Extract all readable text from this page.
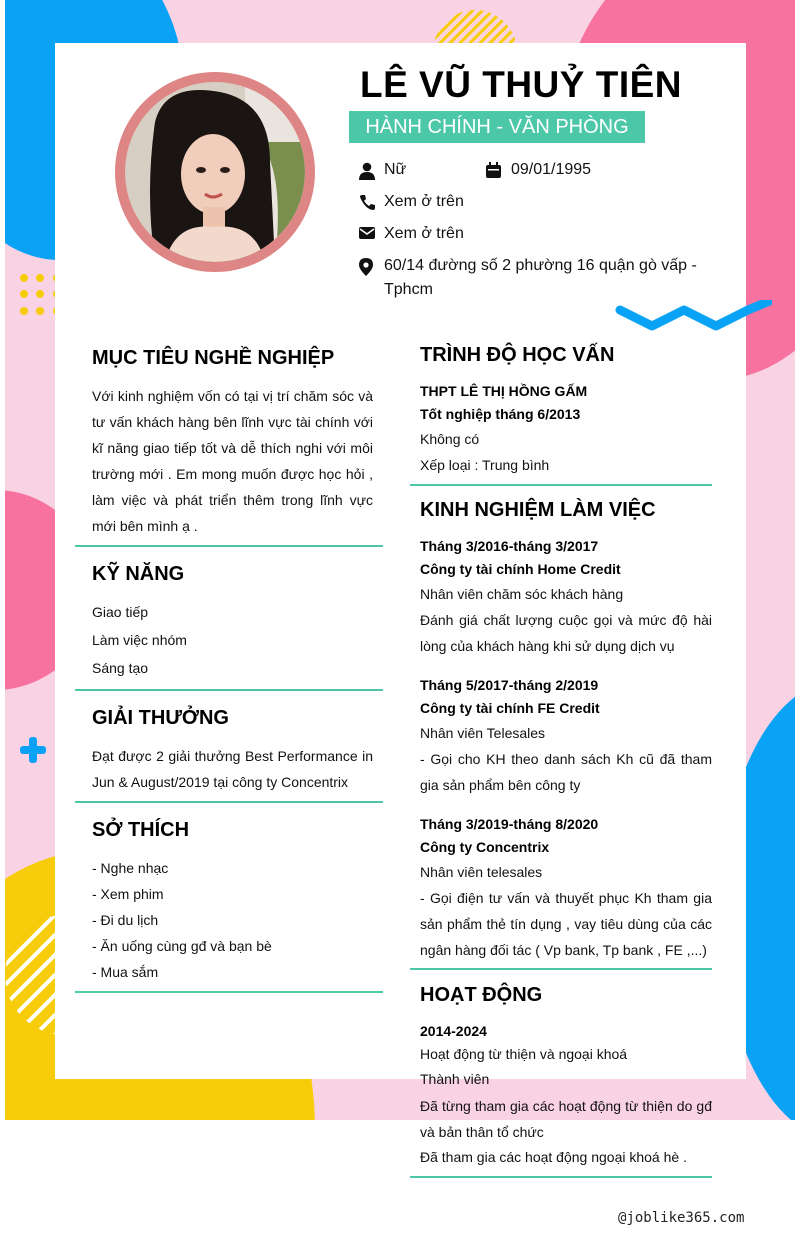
LÊ VŨ THUỶ TIÊN
HÀNH CHÍNH - VĂN PHÒNG
Nữ	09/01/1995
Xem ở trên
Xem ở trên
60/14 đường số 2 phường 16 quận gò vấp -
Tphcm
MỤC TIÊU NGHỀ NGHIỆP
Với kinh nghiệm vốn có tại vị trí chăm sóc và tư vấn khách hàng bên lĩnh vực tài chính với kĩ năng giao tiếp tốt và dễ thích nghi với môi trường mới . Em mong muốn được học hỏi , làm việc và phát triển thêm trong lĩnh vực mới bên mình ạ .
KỸ NĂNG
Giao tiếp
Làm việc nhóm
Sáng tạo
GIẢI THƯỞNG
Đạt được 2 giải thưởng Best Performance in Jun & August/2019 tại công ty Concentrix
SỞ THÍCH
- Nghe nhạc
- Xem phim
- Đi du lịch
- Ăn uống cùng gđ và bạn bè
- Mua sắm
TRÌNH ĐỘ HỌC VẤN
THPT LÊ THỊ HỒNG GẤM
Tốt nghiệp tháng 6/2013
Không có
Xếp loại : Trung bình
KINH NGHIỆM LÀM VIỆC
Tháng 3/2016-tháng 3/2017
Công ty tài chính Home Credit
Nhân viên chăm sóc khách hàng
Đánh giá chất lượng cuộc gọi và mức độ hài lòng của khách hàng khi sử dụng dịch vụ
Tháng 5/2017-tháng 2/2019
Công ty tài chính FE Credit
Nhân viên Telesales
- Gọi cho KH theo danh sách Kh cũ đã tham gia sản phẩm bên công ty
Tháng 3/2019-tháng 8/2020
Công ty Concentrix
Nhân viên telesales
- Gọi điện tư vấn và thuyết phục Kh tham gia sản phẩm thẻ tín dụng , vay tiêu dùng của các ngân hàng đối tác ( Vp bank, Tp bank , FE ,...)
HOẠT ĐỘNG
2014-2024
Hoạt động từ thiện và ngoại khoá
Thành viên
Đã từng tham gia các hoạt động từ thiện do gđ và bản thân tổ chức
Đã tham gia các hoạt động ngoại khoá hè .
@joblike365.com
